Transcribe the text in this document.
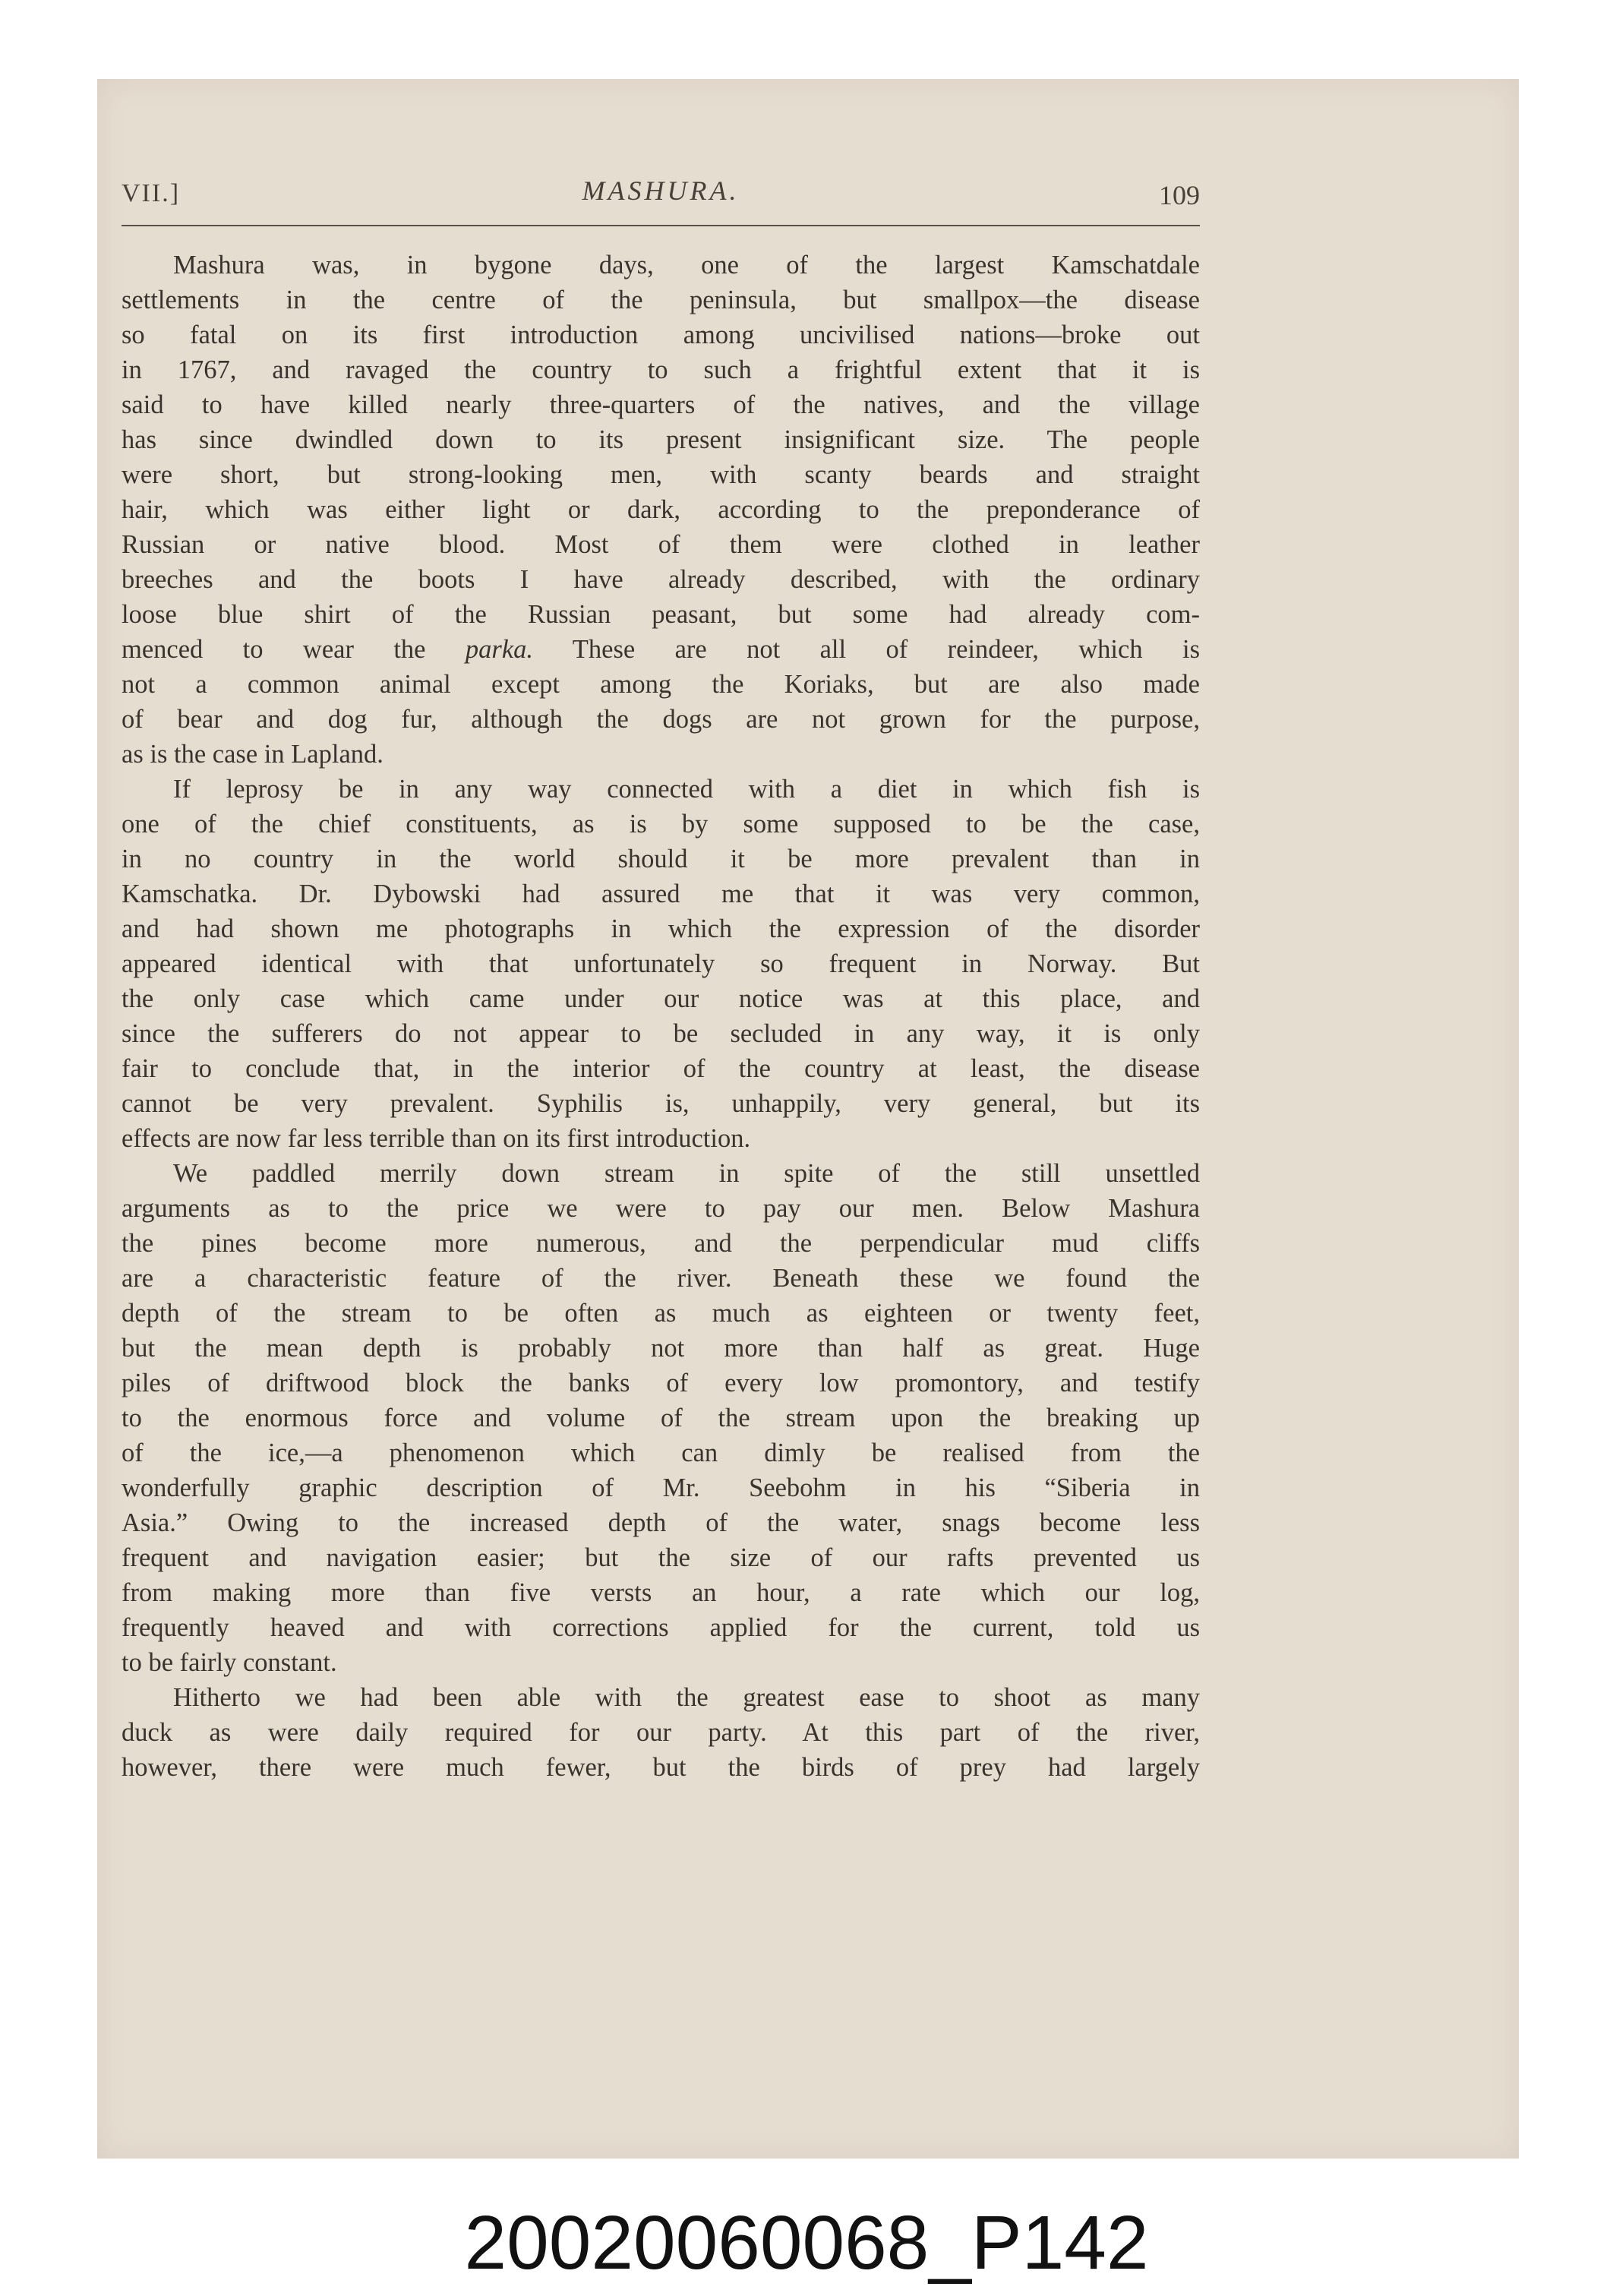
VII.]	MASHURA.	109
Mashura was, in bygone days, one of the largest Kamschatdale
settlements in the centre of the peninsula, but smallpox—the disease
so fatal on its first introduction among uncivilised nations—broke out
in 1767, and ravaged the country to such a frightful extent that it is
said to have killed nearly three-quarters of the natives, and the village
has since dwindled down to its present insignificant size. The people
were short, but strong-looking men, with scanty beards and straight
hair, which was either light or dark, according to the preponderance of
Russian or native blood. Most of them were clothed in leather
breeches and the boots I have already described, with the ordinary
loose blue shirt of the Russian peasant, but some had already com-
menced to wear the parka. These are not all of reindeer, which is
not a common animal except among the Koriaks, but are also made
of bear and dog fur, although the dogs are not grown for the purpose,
as is the case in Lapland.
If leprosy be in any way connected with a diet in which fish is
one of the chief constituents, as is by some supposed to be the case,
in no country in the world should it be more prevalent than in
Kamschatka. Dr. Dybowski had assured me that it was very common,
and had shown me photographs in which the expression of the disorder
appeared identical with that unfortunately so frequent in Norway. But
the only case which came under our notice was at this place, and
since the sufferers do not appear to be secluded in any way, it is only
fair to conclude that, in the interior of the country at least, the disease
cannot be very prevalent. Syphilis is, unhappily, very general, but its
effects are now far less terrible than on its first introduction.
We paddled merrily down stream in spite of the still unsettled
arguments as to the price we were to pay our men. Below Mashura
the pines become more numerous, and the perpendicular mud cliffs
are a characteristic feature of the river. Beneath these we found the
depth of the stream to be often as much as eighteen or twenty feet,
but the mean depth is probably not more than half as great. Huge
piles of driftwood block the banks of every low promontory, and testify
to the enormous force and volume of the stream upon the breaking up
of the ice,—a phenomenon which can dimly be realised from the
wonderfully graphic description of Mr. Seebohm in his “Siberia in
Asia.” Owing to the increased depth of the water, snags become less
frequent and navigation easier; but the size of our rafts prevented us
from making more than five versts an hour, a rate which our log,
frequently heaved and with corrections applied for the current, told us
to be fairly constant.
Hitherto we had been able with the greatest ease to shoot as many
duck as were daily required for our party. At this part of the river,
however, there were much fewer, but the birds of prey had largely
20020060068_P142
